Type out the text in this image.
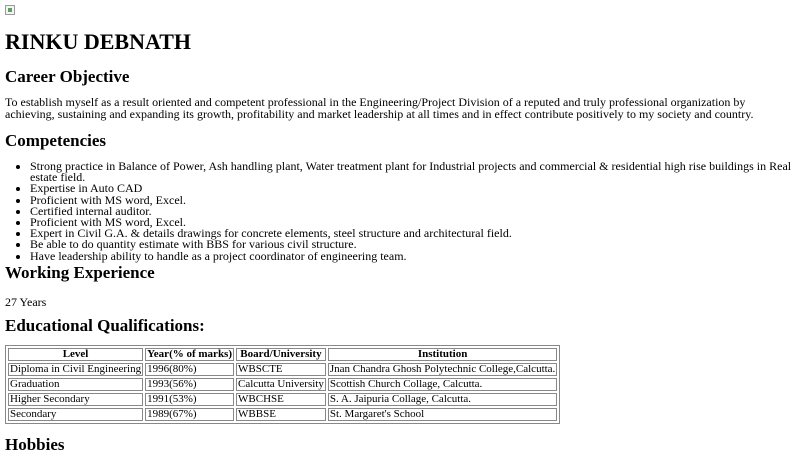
RINKU DEBNATH
Career Objective

To establish myself as a result oriented and competent professional in the Engineering/Project Division of a reputed and truly professional organization by achieving, sustaining and expanding its growth, profitability and market leadership at all times and in effect contribute positively to my society and country.

Competencies
• Strong practice in Balance of Power, Ash handling plant, Water treatment plant for Industrial projects and commercial & residential high rise buildings in Real estate field.
• Expertise in Auto CAD
• Proficient with MS word, Excel.
• Certified internal auditor.
• Proficient with MS word, Excel.
• Expert in Civil G.A. & details drawings for concrete elements, steel structure and architectural field.
• Be able to do quantity estimate with BBS for various civil structure.
• Have leadership ability to handle as a project coordinator of engineering team.
Working Experience

27 Years

Educational Qualifications:
Level	Year(% of marks)	Board/University	Institution
Diploma in Civil Engineering	1996(80%)	WBSCTE	Jnan Chandra Ghosh Polytechnic College,Calcutta.
Graduation	1993(56%)	Calcutta University	Scottish Church Collage, Calcutta.
Higher Secondary	1991(53%)	WBCHSE	S. A. Jaipuria Collage, Calcutta.
Secondary	1989(67%)	WBBSE	St. Margaret's School
Hobbies
